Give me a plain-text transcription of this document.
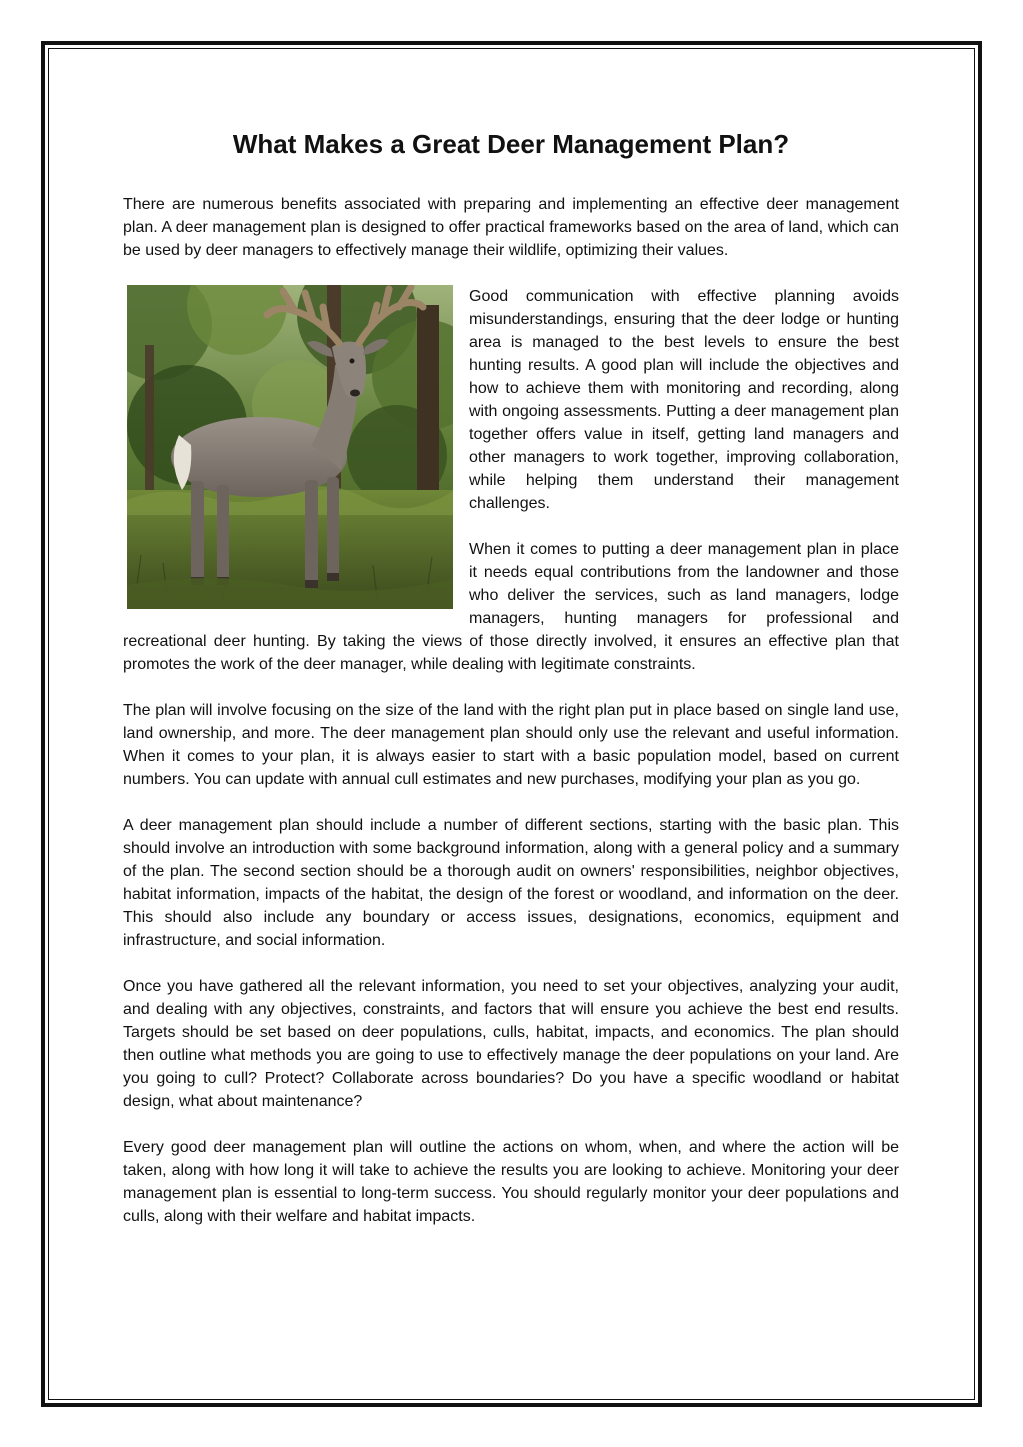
What Makes a Great Deer Management Plan?

There are numerous benefits associated with preparing and implementing an effective deer management plan. A deer management plan is designed to offer practical frameworks based on the area of land, which can be used by deer managers to effectively manage their wildlife, optimizing their values.

Good communication with effective planning avoids misunderstandings, ensuring that the deer lodge or hunting area is managed to the best levels to ensure the best hunting results. A good plan will include the objectives and how to achieve them with monitoring and recording, along with ongoing assessments. Putting a deer management plan together offers value in itself, getting land managers and other managers to work together, improving collaboration, while helping them understand their management challenges.

When it comes to putting a deer management plan in place it needs equal contributions from the landowner and those who deliver the services, such as land managers, lodge managers, hunting managers for professional and recreational deer hunting. By taking the views of those directly involved, it ensures an effective plan that promotes the work of the deer manager, while dealing with legitimate constraints.

The plan will involve focusing on the size of the land with the right plan put in place based on single land use, land ownership, and more. The deer management plan should only use the relevant and useful information. When it comes to your plan, it is always easier to start with a basic population model, based on current numbers. You can update with annual cull estimates and new purchases, modifying your plan as you go.

A deer management plan should include a number of different sections, starting with the basic plan. This should involve an introduction with some background information, along with a general policy and a summary of the plan. The second section should be a thorough audit on owners' responsibilities, neighbor objectives, habitat information, impacts of the habitat, the design of the forest or woodland, and information on the deer. This should also include any boundary or access issues, designations, economics, equipment and infrastructure, and social information.

Once you have gathered all the relevant information, you need to set your objectives, analyzing your audit, and dealing with any objectives, constraints, and factors that will ensure you achieve the best end results. Targets should be set based on deer populations, culls, habitat, impacts, and economics. The plan should then outline what methods you are going to use to effectively manage the deer populations on your land. Are you going to cull? Protect? Collaborate across boundaries? Do you have a specific woodland or habitat design, what about maintenance?

Every good deer management plan will outline the actions on whom, when, and where the action will be taken, along with how long it will take to achieve the results you are looking to achieve. Monitoring your deer management plan is essential to long-term success. You should regularly monitor your deer populations and culls, along with their welfare and habitat impacts.
